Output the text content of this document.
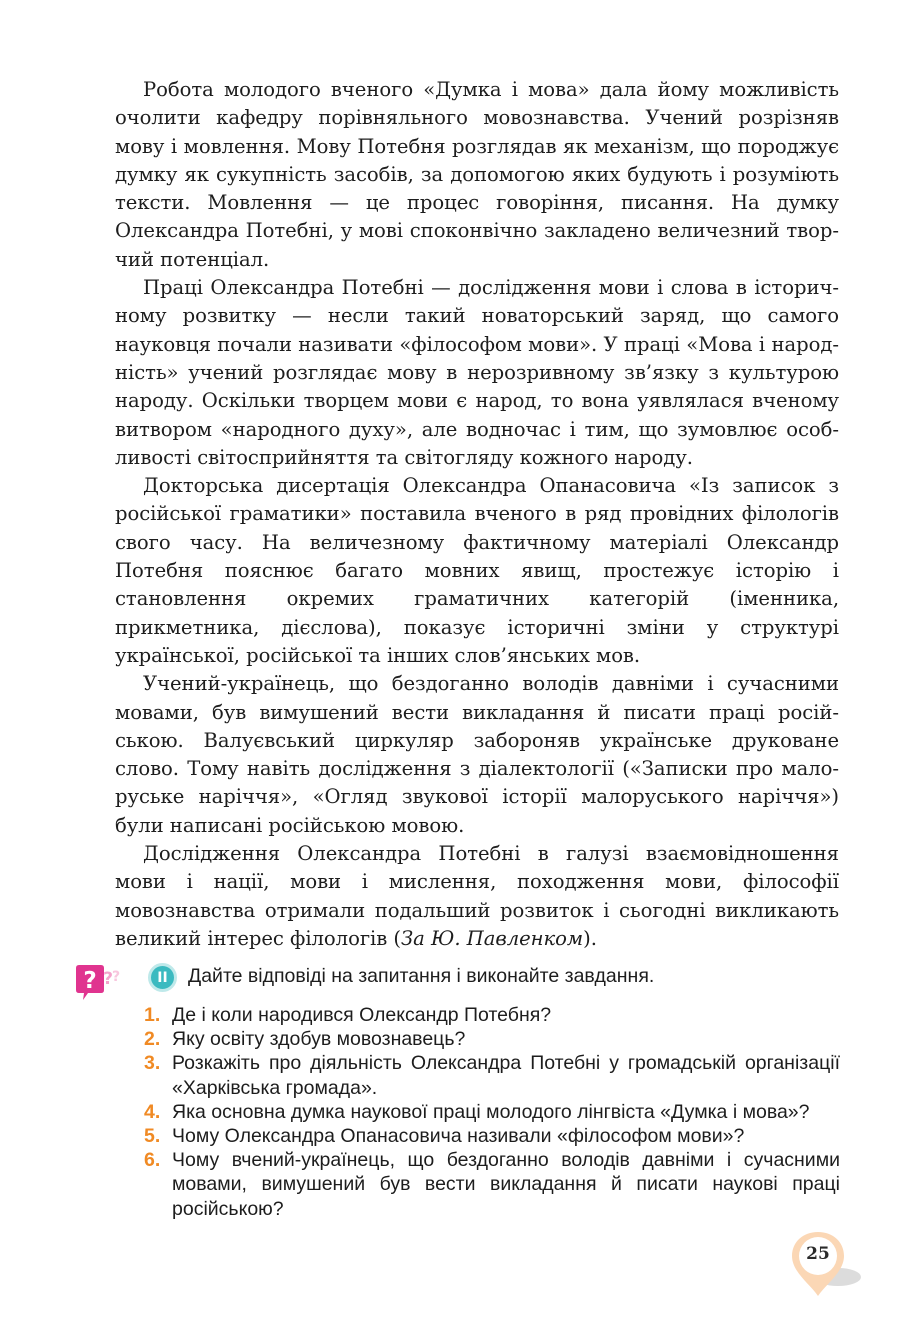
Робота молодого вченого «Думка і мова» дала йому можливість очолити кафедру порівняльного мовознавства. Учений розрізняв мову і мовлення. Мову Потебня розглядав як механізм, що породжує думку як сукупність засобів, за допомогою яких будують і розуміють тексти. Мовлення — це процес говоріння, писання. На думку Олександра Потебні, у мові споконвічно закладено величезний творчий потенціал.

Праці Олександра Потебні — дослідження мови і слова в історичному розвитку — несли такий новаторський заряд, що самого науковця почали називати «філософом мови». У праці «Мова і народність» учений розглядає мову в нерозривному зв’язку з культурою народу. Оскільки творцем мови є народ, то вона уявлялася вченому витвором «народного духу», але водночас і тим, що зумовлює особливості світосприйняття та світогляду кожного народу.

Докторська дисертація Олександра Опанасовича «Із записок з російської граматики» поставила вченого в ряд провідних філологів свого часу. На величезному фактичному матеріалі Олександр Потебня пояснює багато мовних явищ, простежує історію і становлення окремих граматичних категорій (іменника, прикметника, дієслова), показує історичні зміни у структурі української, російської та інших слов’янських мов.

Учений-українець, що бездоганно володів давніми і сучасними мовами, був вимушений вести викладання й писати праці російською. Валуєвський циркуляр забороняв українське друковане слово. Тому навіть дослідження з діалектології («Записки про малоруське наріччя», «Огляд звукової історії малоруського наріччя») були написані російською мовою.

Дослідження Олександра Потебні в галузі взаємовідношення мови і нації, мови і мислення, походження мови, філософії мовознавства отримали подальший розвиток і сьогодні викликають великий інтерес філологів (За Ю. Павленком).

? ? ?	II	Дайте відповіді на запитання і виконайте завдання.
1. Де і коли народився Олександр Потебня?
2. Яку освіту здобув мовознавець?
3. Розкажіть про діяльність Олександра Потебні у громадській організації «Харківська громада».
4. Яка основна думка наукової праці молодого лінгвіста «Думка і мова»?
5. Чому Олександра Опанасовича називали «філософом мови»?
6. Чому вчений-українець, що бездоганно володів давніми і сучасними мовами, вимушений був вести викладання й писати наукові праці російською?
25
